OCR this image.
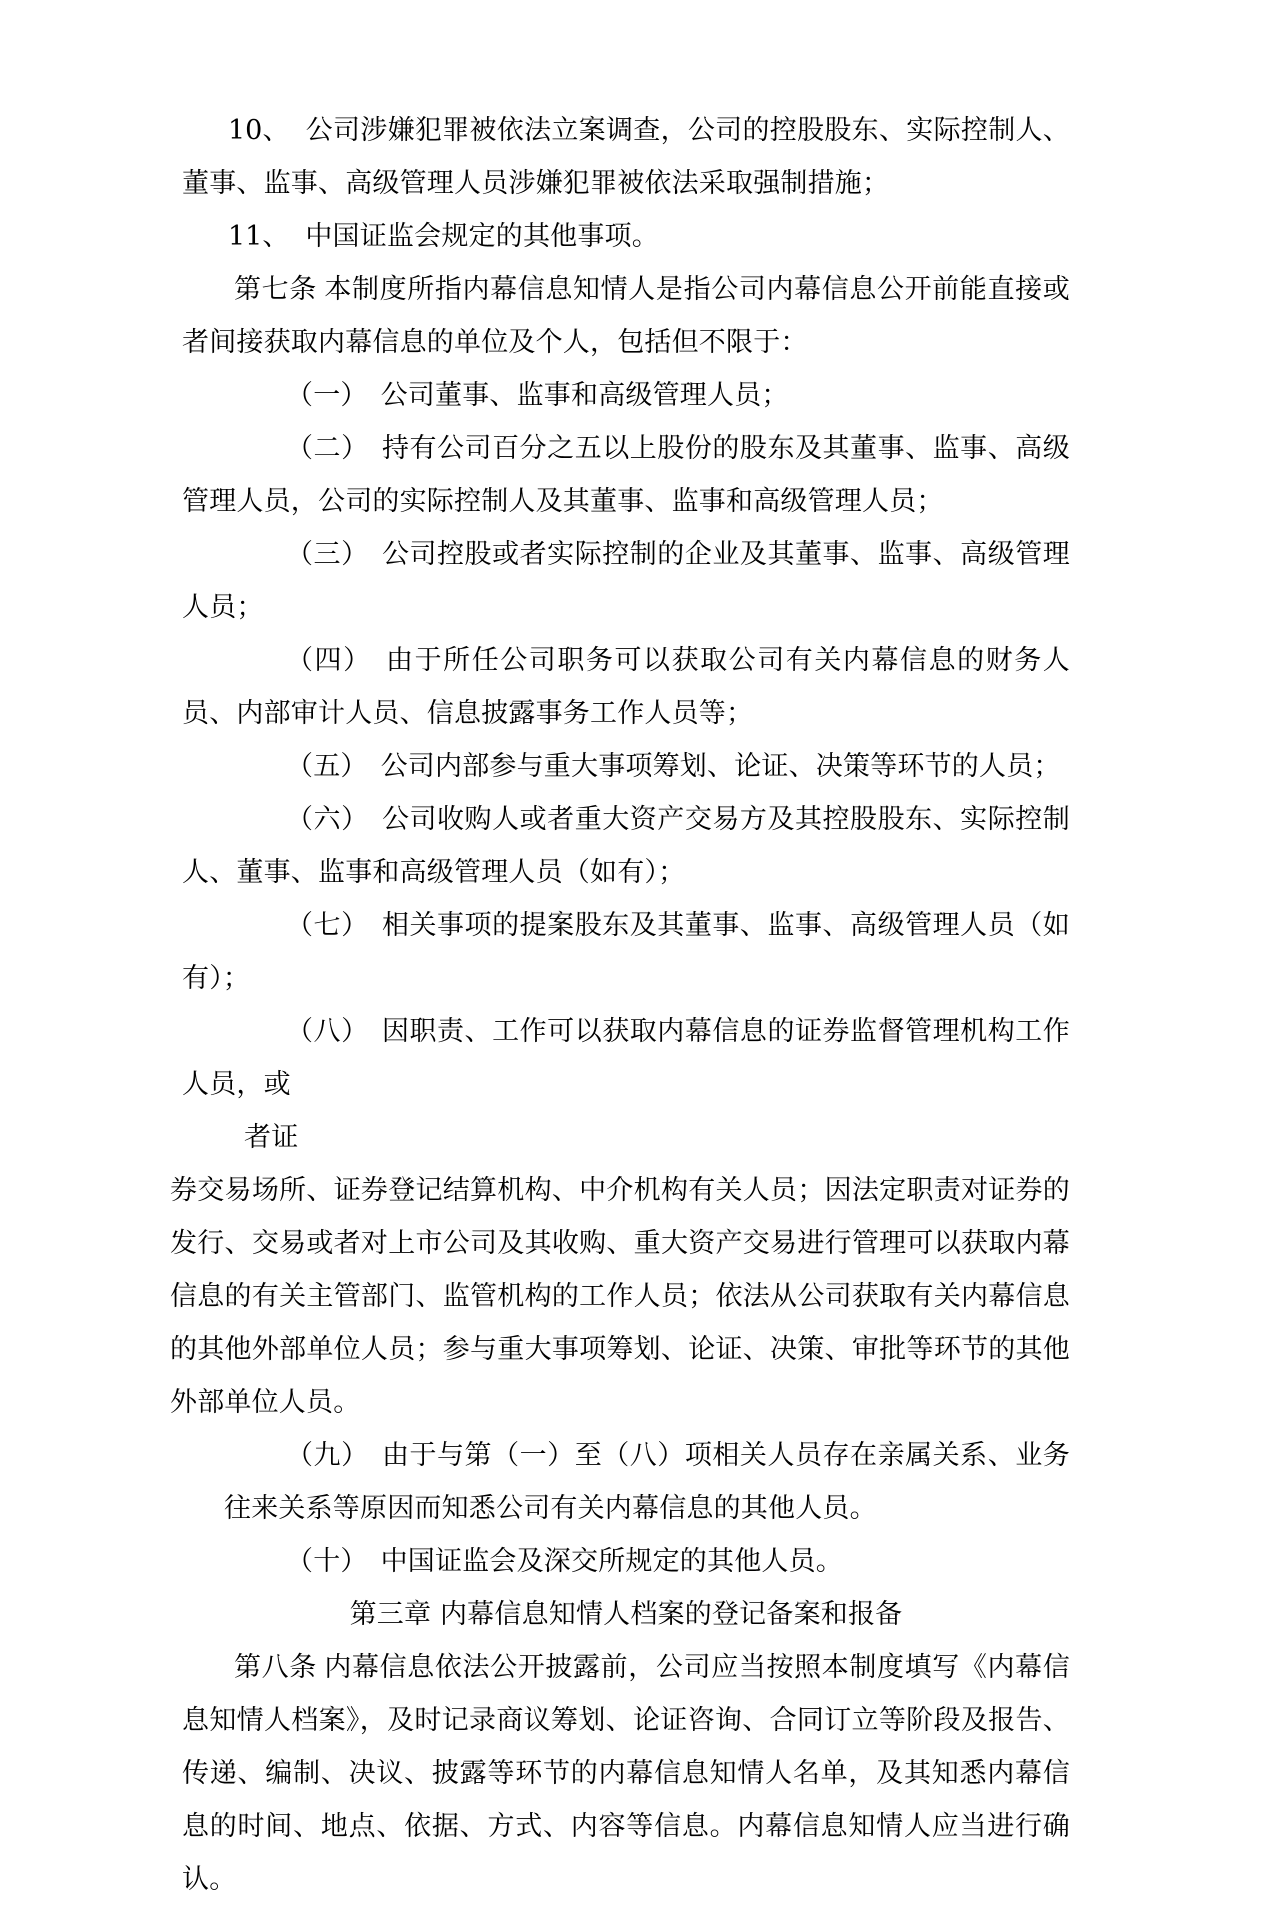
10、 公司涉嫌犯罪被依法立案调查，公司的控股股东、实际控制人、董事、监事、高级管理人员涉嫌犯罪被依法采取强制措施；

11、 中国证监会规定的其他事项。

第七条 本制度所指内幕信息知情人是指公司内幕信息公开前能直接或者间接获取内幕信息的单位及个人，包括但不限于：

（一） 公司董事、监事和高级管理人员；

（二） 持有公司百分之五以上股份的股东及其董事、监事、高级管理人员，公司的实际控制人及其董事、监事和高级管理人员；

（三） 公司控股或者实际控制的企业及其董事、监事、高级管理人员；

（四） 由于所任公司职务可以获取公司有关内幕信息的财务人员、内部审计人员、信息披露事务工作人员等；

（五） 公司内部参与重大事项筹划、论证、决策等环节的人员；

（六） 公司收购人或者重大资产交易方及其控股股东、实际控制人、董事、监事和高级管理人员（如有）；

（七） 相关事项的提案股东及其董事、监事、高级管理人员（如有）；

（八） 因职责、工作可以获取内幕信息的证券监督管理机构工作人员，或

者证

券交易场所、证券登记结算机构、中介机构有关人员；因法定职责对证券的发行、交易或者对上市公司及其收购、重大资产交易进行管理可以获取内幕信息的有关主管部门、监管机构的工作人员；依法从公司获取有关内幕信息的其他外部单位人员；参与重大事项筹划、论证、决策、审批等环节的其他外部单位人员。

（九） 由于与第（一）至（八）项相关人员存在亲属关系、业务往来关系等原因而知悉公司有关内幕信息的其他人员。

（十） 中国证监会及深交所规定的其他人员。

第三章 内幕信息知情人档案的登记备案和报备

第八条 内幕信息依法公开披露前，公司应当按照本制度填写《内幕信息知情人档案》，及时记录商议筹划、论证咨询、合同订立等阶段及报告、传递、编制、决议、披露等环节的内幕信息知情人名单，及其知悉内幕信息的时间、地点、依据、方式、内容等信息。内幕信息知情人应当进行确认。
